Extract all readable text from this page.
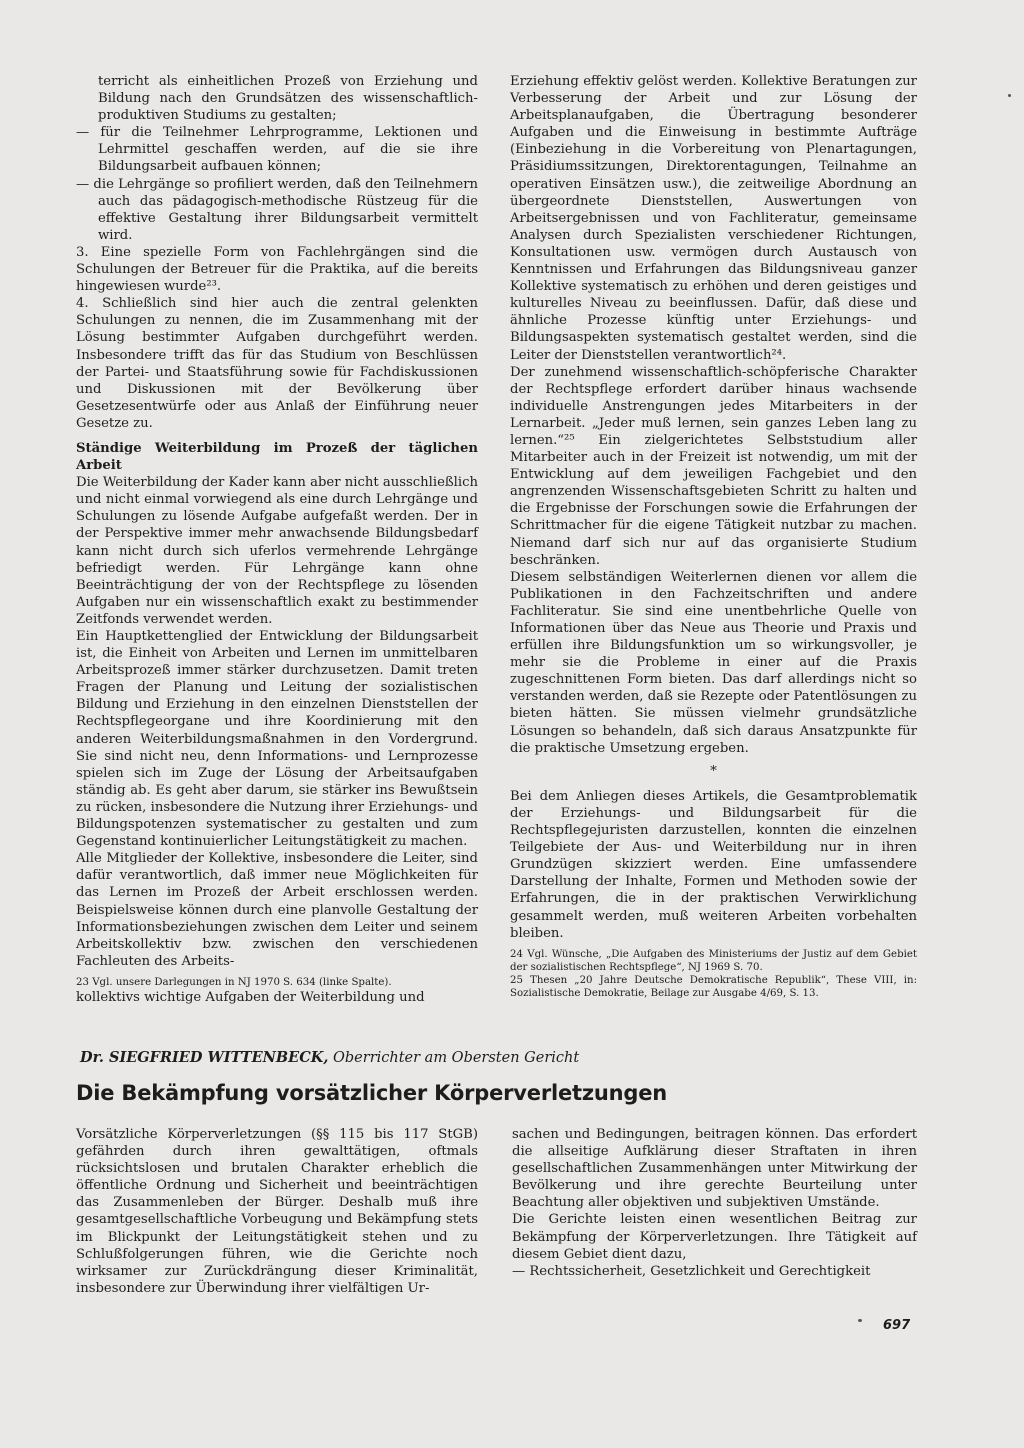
terricht als einheitlichen Prozeß von Erziehung und Bildung nach den Grundsätzen des wissenschaftlich-produktiven Studiums zu gestalten;

— für die Teilnehmer Lehrprogramme, Lektionen und Lehrmittel geschaffen werden, auf die sie ihre Bildungsarbeit aufbauen können;

— die Lehrgänge so profiliert werden, daß den Teilnehmern auch das pädagogisch-methodische Rüstzeug für die effektive Gestaltung ihrer Bildungsarbeit vermittelt wird.

3. Eine spezielle Form von Fachlehrgängen sind die Schulungen der Betreuer für die Praktika, auf die bereits hingewiesen wurde²³.

4. Schließlich sind hier auch die zentral gelenkten Schulungen zu nennen, die im Zusammenhang mit der Lösung bestimmter Aufgaben durchgeführt werden. Insbesondere trifft das für das Studium von Beschlüssen der Partei- und Staatsführung sowie für Fachdiskussionen und Diskussionen mit der Bevölkerung über Gesetzesentwürfe oder aus Anlaß der Einführung neuer Gesetze zu.

Ständige Weiterbildung im Prozeß der täglichen Arbeit

Die Weiterbildung der Kader kann aber nicht ausschließlich und nicht einmal vorwiegend als eine durch Lehrgänge und Schulungen zu lösende Aufgabe aufgefaßt werden. Der in der Perspektive immer mehr anwachsende Bildungsbedarf kann nicht durch sich uferlos vermehrende Lehrgänge befriedigt werden. Für Lehrgänge kann ohne Beeinträchtigung der von der Rechtspflege zu lösenden Aufgaben nur ein wissenschaftlich exakt zu bestimmender Zeitfonds verwendet werden.

Ein Hauptkettenglied der Entwicklung der Bildungsarbeit ist, die Einheit von Arbeiten und Lernen im unmittelbaren Arbeitsprozeß immer stärker durchzusetzen. Damit treten Fragen der Planung und Leitung der sozialistischen Bildung und Erziehung in den einzelnen Dienststellen der Rechtspflegeorgane und ihre Koordinierung mit den anderen Weiterbildungsmaßnahmen in den Vordergrund. Sie sind nicht neu, denn Informations- und Lernprozesse spielen sich im Zuge der Lösung der Arbeitsaufgaben ständig ab. Es geht aber darum, sie stärker ins Bewußtsein zu rücken, insbesondere die Nutzung ihrer Erziehungs- und Bildungspotenzen systematischer zu gestalten und zum Gegenstand kontinuierlicher Leitungstätigkeit zu machen.

Alle Mitglieder der Kollektive, insbesondere die Leiter, sind dafür verantwortlich, daß immer neue Möglichkeiten für das Lernen im Prozeß der Arbeit erschlossen werden. Beispielsweise können durch eine planvolle Gestaltung der Informationsbeziehungen zwischen dem Leiter und seinem Arbeitskollektiv bzw. zwischen den verschiedenen Fachleuten des Arbeits-

23 Vgl. unsere Darlegungen in NJ 1970 S. 634 (linke Spalte).

kollektivs wichtige Aufgaben der Weiterbildung und

Erziehung effektiv gelöst werden. Kollektive Beratungen zur Verbesserung der Arbeit und zur Lösung der Arbeitsplanaufgaben, die Übertragung besonderer Aufgaben und die Einweisung in bestimmte Aufträge (Einbeziehung in die Vorbereitung von Plenartagungen, Präsidiumssitzungen, Direktorentagungen, Teilnahme an operativen Einsätzen usw.), die zeitweilige Abordnung an übergeordnete Dienststellen, Auswertungen von Arbeitsergebnissen und von Fachliteratur, gemeinsame Analysen durch Spezialisten verschiedener Richtungen, Konsultationen usw. vermögen durch Austausch von Kenntnissen und Erfahrungen das Bildungsniveau ganzer Kollektive systematisch zu erhöhen und deren geistiges und kulturelles Niveau zu beeinflussen. Dafür, daß diese und ähnliche Prozesse künftig unter Erziehungs- und Bildungsaspekten systematisch gestaltet werden, sind die Leiter der Dienststellen verantwortlich²⁴.

Der zunehmend wissenschaftlich-schöpferische Charakter der Rechtspflege erfordert darüber hinaus wachsende individuelle Anstrengungen jedes Mitarbeiters in der Lernarbeit. „Jeder muß lernen, sein ganzes Leben lang zu lernen.“²⁵ Ein zielgerichtetes Selbststudium aller Mitarbeiter auch in der Freizeit ist notwendig, um mit der Entwicklung auf dem jeweiligen Fachgebiet und den angrenzenden Wissenschaftsgebieten Schritt zu halten und die Ergebnisse der Forschungen sowie die Erfahrungen der Schrittmacher für die eigene Tätigkeit nutzbar zu machen. Niemand darf sich nur auf das organisierte Studium beschränken.

Diesem selbständigen Weiterlernen dienen vor allem die Publikationen in den Fachzeitschriften und andere Fachliteratur. Sie sind eine unentbehrliche Quelle von Informationen über das Neue aus Theorie und Praxis und erfüllen ihre Bildungsfunktion um so wirkungsvoller, je mehr sie die Probleme in einer auf die Praxis zugeschnittenen Form bieten. Das darf allerdings nicht so verstanden werden, daß sie Rezepte oder Patentlösungen zu bieten hätten. Sie müssen vielmehr grundsätzliche Lösungen so behandeln, daß sich daraus Ansatzpunkte für die praktische Umsetzung ergeben.

*

Bei dem Anliegen dieses Artikels, die Gesamtproblematik der Erziehungs- und Bildungsarbeit für die Rechtspflegejuristen darzustellen, konnten die einzelnen Teilgebiete der Aus- und Weiterbildung nur in ihren Grundzügen skizziert werden. Eine umfassendere Darstellung der Inhalte, Formen und Methoden sowie der Erfahrungen, die in der praktischen Verwirklichung gesammelt werden, muß weiteren Arbeiten vorbehalten bleiben.

24 Vgl. Wünsche, „Die Aufgaben des Ministeriums der Justiz auf dem Gebiet der sozialistischen Rechtspflege“, NJ 1969 S. 70.

25 Thesen „20 Jahre Deutsche Demokratische Republik“, These VIII, in: Sozialistische Demokratie, Beilage zur Ausgabe 4/69, S. 13.

Dr. SIEGFRIED WITTENBECK, Oberrichter am Obersten Gericht
Die Bekämpfung vorsätzlicher Körperverletzungen

Vorsätzliche Körperverletzungen (§§ 115 bis 117 StGB) gefährden durch ihren gewalttätigen, oftmals rücksichtslosen und brutalen Charakter erheblich die öffentliche Ordnung und Sicherheit und beeinträchtigen das Zusammenleben der Bürger. Deshalb muß ihre gesamtgesellschaftliche Vorbeugung und Bekämpfung stets im Blickpunkt der Leitungstätigkeit stehen und zu Schlußfolgerungen führen, wie die Gerichte noch wirksamer zur Zurückdrängung dieser Kriminalität, insbesondere zur Überwindung ihrer vielfältigen Ur-

sachen und Bedingungen, beitragen können. Das erfordert die allseitige Aufklärung dieser Straftaten in ihren gesellschaftlichen Zusammenhängen unter Mitwirkung der Bevölkerung und ihre gerechte Beurteilung unter Beachtung aller objektiven und subjektiven Umstände.

Die Gerichte leisten einen wesentlichen Beitrag zur Bekämpfung der Körperverletzungen. Ihre Tätigkeit auf diesem Gebiet dient dazu,

— Rechtssicherheit, Gesetzlichkeit und Gerechtigkeit

697
